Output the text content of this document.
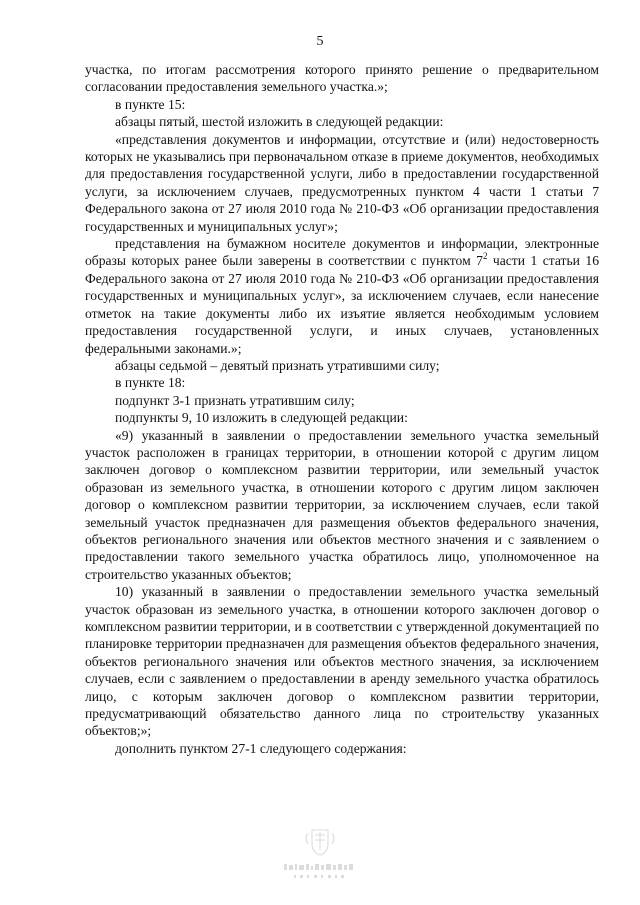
5

участка, по итогам рассмотрения которого принято решение о предварительном согласовании предоставления земельного участка.»;

в пункте 15:

абзацы пятый, шестой изложить в следующей редакции:

«представления документов и информации, отсутствие и (или) недостоверность которых не указывались при первоначальном отказе в приеме документов, необходимых для предоставления государственной услуги, либо в предоставлении государственной услуги, за исключением случаев, предусмотренных пунктом 4 части 1 статьи 7 Федерального закона от 27 июля 2010 года № 210-ФЗ «Об организации предоставления государственных и муниципальных услуг»;

представления на бумажном носителе документов и информации, электронные образы которых ранее были заверены в соответствии с пунктом $7^2$ части 1 статьи 16 Федерального закона от 27 июля 2010 года № 210-ФЗ «Об организации предоставления государственных и муниципальных услуг», за исключением случаев, если нанесение отметок на такие документы либо их изъятие является необходимым условием предоставления государственной услуги, и иных случаев, установленных федеральными законами.»;

абзацы седьмой – девятый признать утратившими силу;

в пункте 18:

подпункт 3-1 признать утратившим силу;

подпункты 9, 10 изложить в следующей редакции:

«9) указанный в заявлении о предоставлении земельного участка земельный участок расположен в границах территории, в отношении которой с другим лицом заключен договор о комплексном развитии территории, или земельный участок образован из земельного участка, в отношении которого с другим лицом заключен договор о комплексном развитии территории, за исключением случаев, если такой земельный участок предназначен для размещения объектов федерального значения, объектов регионального значения или объектов местного значения и с заявлением о предоставлении такого земельного участка обратилось лицо, уполномоченное на строительство указанных объектов;

10) указанный в заявлении о предоставлении земельного участка земельный участок образован из земельного участка, в отношении которого заключен договор о комплексном развитии территории, и в соответствии с утвержденной документацией по планировке территории предназначен для размещения объектов федерального значения, объектов регионального значения или объектов местного значения, за исключением случаев, если с заявлением о предоставлении в аренду земельного участка обратилось лицо, с которым заключен договор о комплексном развитии территории, предусматривающий обязательство данного лица по строительству указанных объектов;»;

дополнить пунктом 27-1 следующего содержания:
